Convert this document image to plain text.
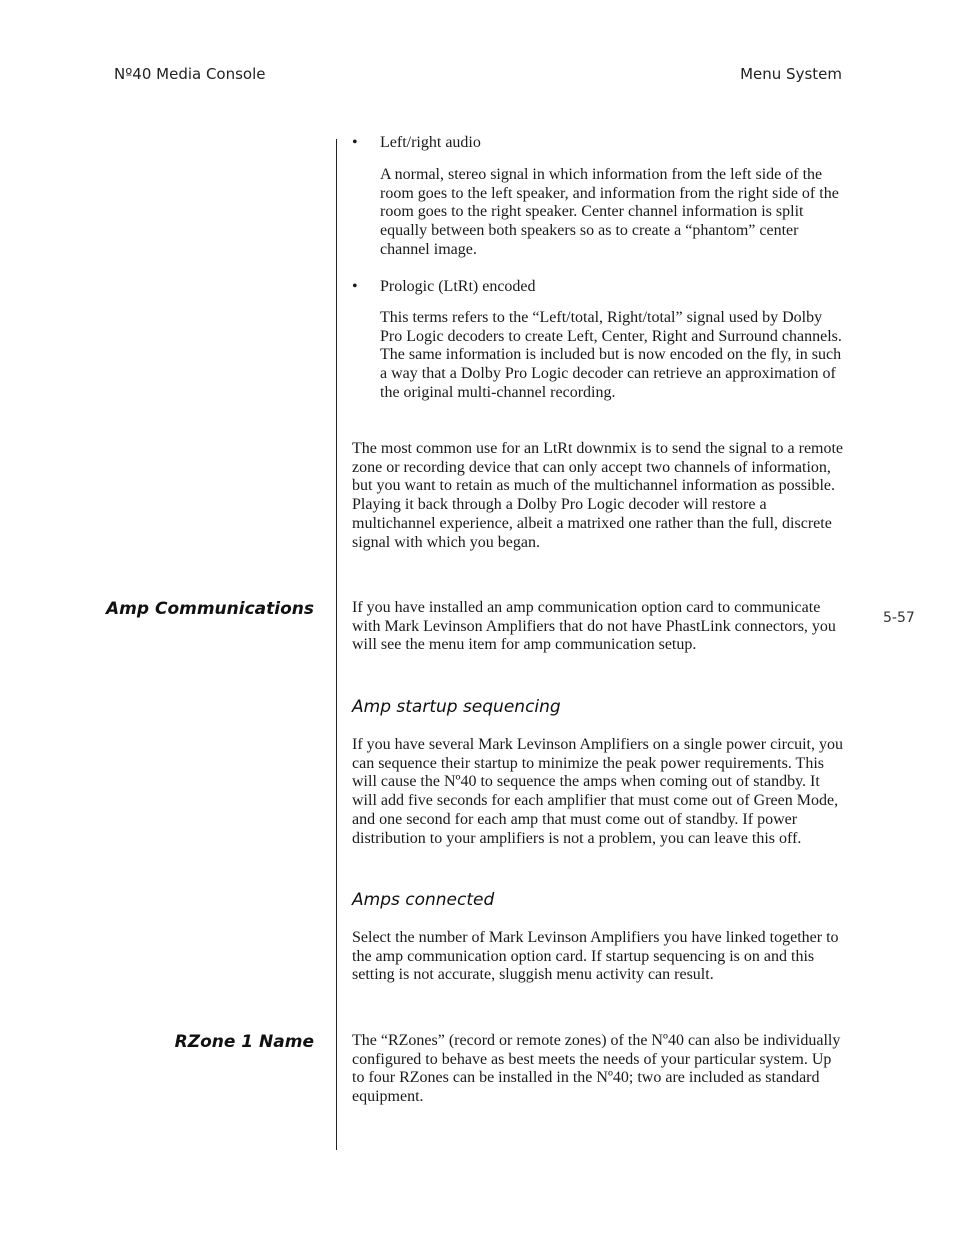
Nº40 Media Console	Menu System
5-57
• Left/right audio

A normal, stereo signal in which information from the left side of the room goes to the left speaker, and information from the right side of the room goes to the right speaker. Center channel information is split equally between both speakers so as to create a “phantom” center channel image.

• Prologic (LtRt) encoded

This terms refers to the “Left/total, Right/total” signal used by Dolby Pro Logic decoders to create Left, Center, Right and Surround channels. The same information is included but is now encoded on the fly, in such a way that a Dolby Pro Logic decoder can retrieve an approximation of the original multi-channel recording.

The most common use for an LtRt downmix is to send the signal to a remote zone or recording device that can only accept two channels of information, but you want to retain as much of the multichannel information as possible. Playing it back through a Dolby Pro Logic decoder will restore a multichannel experience, albeit a matrixed one rather than the full, discrete signal with which you began.

Amp Communications If you have installed an amp communication option card to communicate with Mark Levinson Amplifiers that do not have PhastLink connectors, you will see the menu item for amp communication setup.

Amp startup sequencing

If you have several Mark Levinson Amplifiers on a single power circuit, you can sequence their startup to minimize the peak power requirements. This will cause the Nº40 to sequence the amps when coming out of standby. It will add five seconds for each amplifier that must come out of Green Mode, and one second for each amp that must come out of standby. If power distribution to your amplifiers is not a problem, you can leave this off.

Amps connected

Select the number of Mark Levinson Amplifiers you have linked together to the amp communication option card. If startup sequencing is on and this setting is not accurate, sluggish menu activity can result.

RZone 1 Name The “RZones” (record or remote zones) of the Nº40 can also be individually configured to behave as best meets the needs of your particular system. Up to four RZones can be installed in the Nº40; two are included as standard equipment.
